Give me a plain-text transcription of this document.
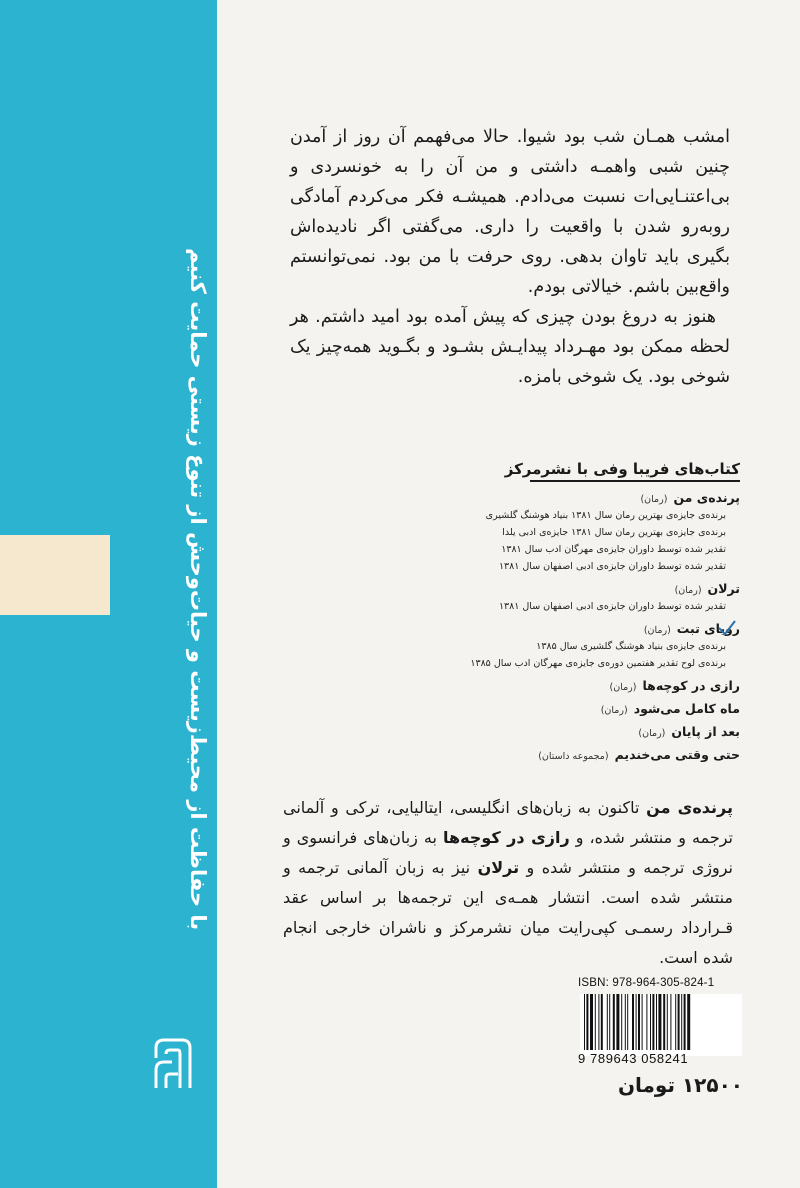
با حفاظت از محیط‌زیست و حیات‌وحش از تنوع زیستی حمایت کنیم

امشب همـان شب بود شیوا. حالا می‌فهمم آن روز از آمدن چنین شبی واهمـه داشتی و من آن را به خونسردی و بی‌اعتنـایی‌ات نسبت می‌دادم. همیشـه فکر می‌کردم آمادگی روبه‌رو شدن با واقعیت را داری. می‌گفتی اگر نادیده‌اش بگیری باید تاوان بدهی. روی حرفت با من بود. نمی‌توانستم واقع‌بین باشم. خیالاتی بودم.

هنوز به دروغ بودن چیزی که پیش آمده بود امید داشتم. هر لحظه ممکن بود مهـرداد پیدایـش بشـود و بگـوید همه‌چیز یک شوخی بود. یک شوخی بامزه.

کتاب‌های فریبا وفی با نشرمرکز
پرنده‌ی من(رمان)
برنده‌ی جایزه‌ی بهترین رمان سال ۱۳۸۱ بنیاد هوشنگ گلشیری
برنده‌ی جایزه‌ی بهترین رمان سال ۱۳۸۱ جایزه‌ی ادبی یلدا
تقدیر شده توسط داوران جایزه‌ی مهرگان ادب سال ۱۳۸۱
تقدیر شده توسط داوران جایزه‌ی ادبی اصفهان سال ۱۳۸۱
ترلان(رمان)
تقدیر شده توسط داوران جایزه‌ی ادبی اصفهان سال ۱۳۸۱
رویای تبت(رمان)
برنده‌ی جایزه‌ی بنیاد هوشنگ گلشیری سال ۱۳۸۵
برنده‌ی لوح تقدیر هفتمین دوره‌ی جایزه‌ی مهرگان ادب سال ۱۳۸۵
رازی در کوچه‌ها(رمان)
ماه کامل می‌شود(رمان)
بعد از پایان(رمان)
حتی وقتی می‌خندیم(مجموعه داستان)
پرنده‌ی من تاکنون به زبان‌های انگلیسی، ایتالیایی، ترکی و آلمانی ترجمه و منتشر شده، و رازی در کوچه‌ها به زبان‌های فرانسوی و نروژی ترجمه و منتشر شده و ترلان نیز به زبان آلمانی ترجمه و منتشر شده است. انتشار همـه‌ی این ترجمه‌ها بر اساس عقد قـرارداد رسمـی کپی‌رایت میان نشرمرکز و ناشران خارجی انجام شده است.
ISBN: 978-964-305-824-1
9 789643 058241
۱۲۵۰۰ تومان
